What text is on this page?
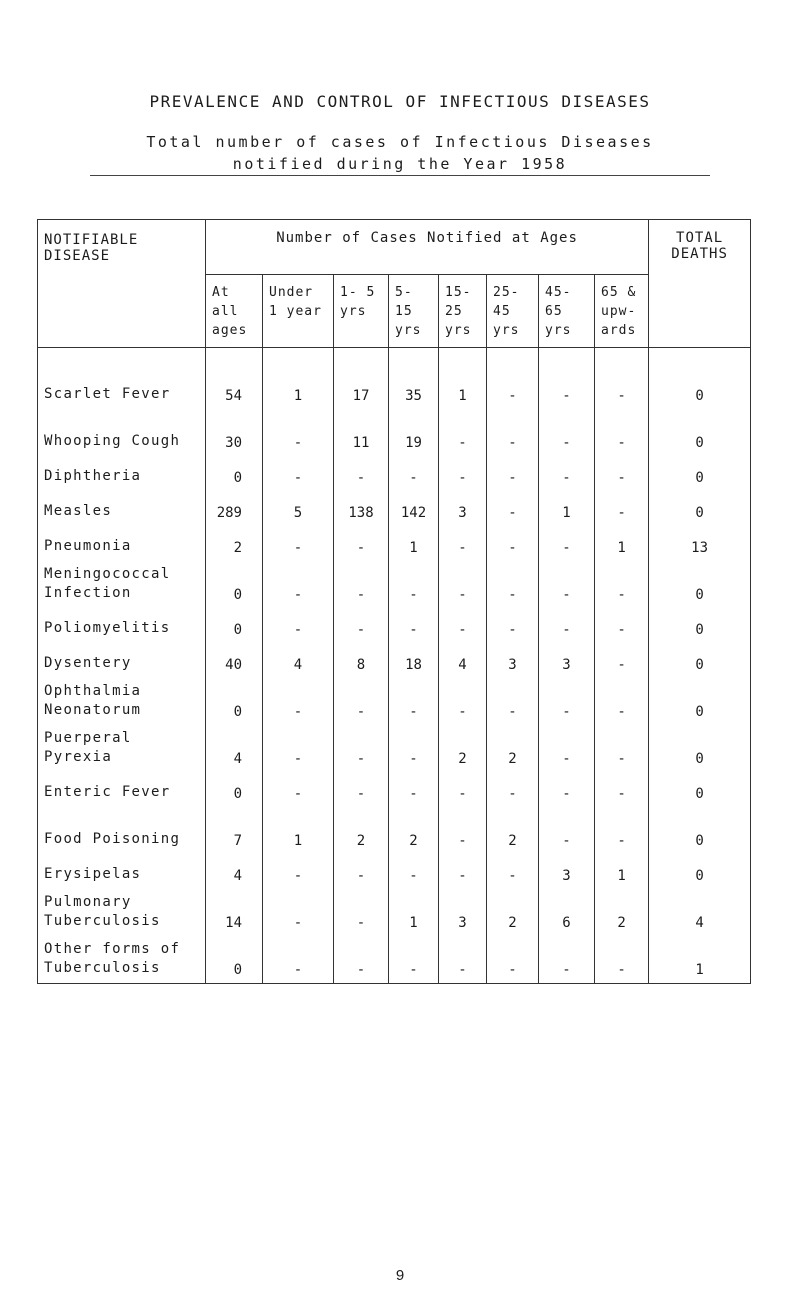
PREVALENCE AND CONTROL OF INFECTIOUS DISEASES
Total number of cases of Infectious Diseases
notified during the Year 1958
NOTIFIABLE DISEASE	Number of Cases Notified at Ages								TOTAL DEATHS
	At all ages	Under 1 year	1- 5 yrs	5- 15 yrs	15- 25 yrs	25- 45 yrs	45- 65 yrs	65 & upw- ards	
Scarlet Fever	54	1	17	35	1	-	-	-	0
Whooping Cough	30	-	11	19	-	-	-	-	0
Diphtheria	0	-	-	-	-	-	-	-	0
Measles	289	5	138	142	3	-	1	-	0
Pneumonia	2	-	-	1	-	-	-	1	13
Meningococcal Infection	0	-	-	-	-	-	-	-	0
Poliomyelitis	0	-	-	-	-	-	-	-	0
Dysentery	40	4	8	18	4	3	3	-	0
Ophthalmia Neonatorum	0	-	-	-	-	-	-	-	0
Puerperal Pyrexia	4	-	-	-	2	2	-	-	0
Enteric Fever	0	-	-	-	-	-	-	-	0
Food Poisoning	7	1	2	2	-	2	-	-	0
Erysipelas	4	-	-	-	-	-	3	1	0
Pulmonary Tuberculosis	14	-	-	1	3	2	6	2	4
Other forms of Tuberculosis	0	-	-	-	-	-	-	-	1
9
